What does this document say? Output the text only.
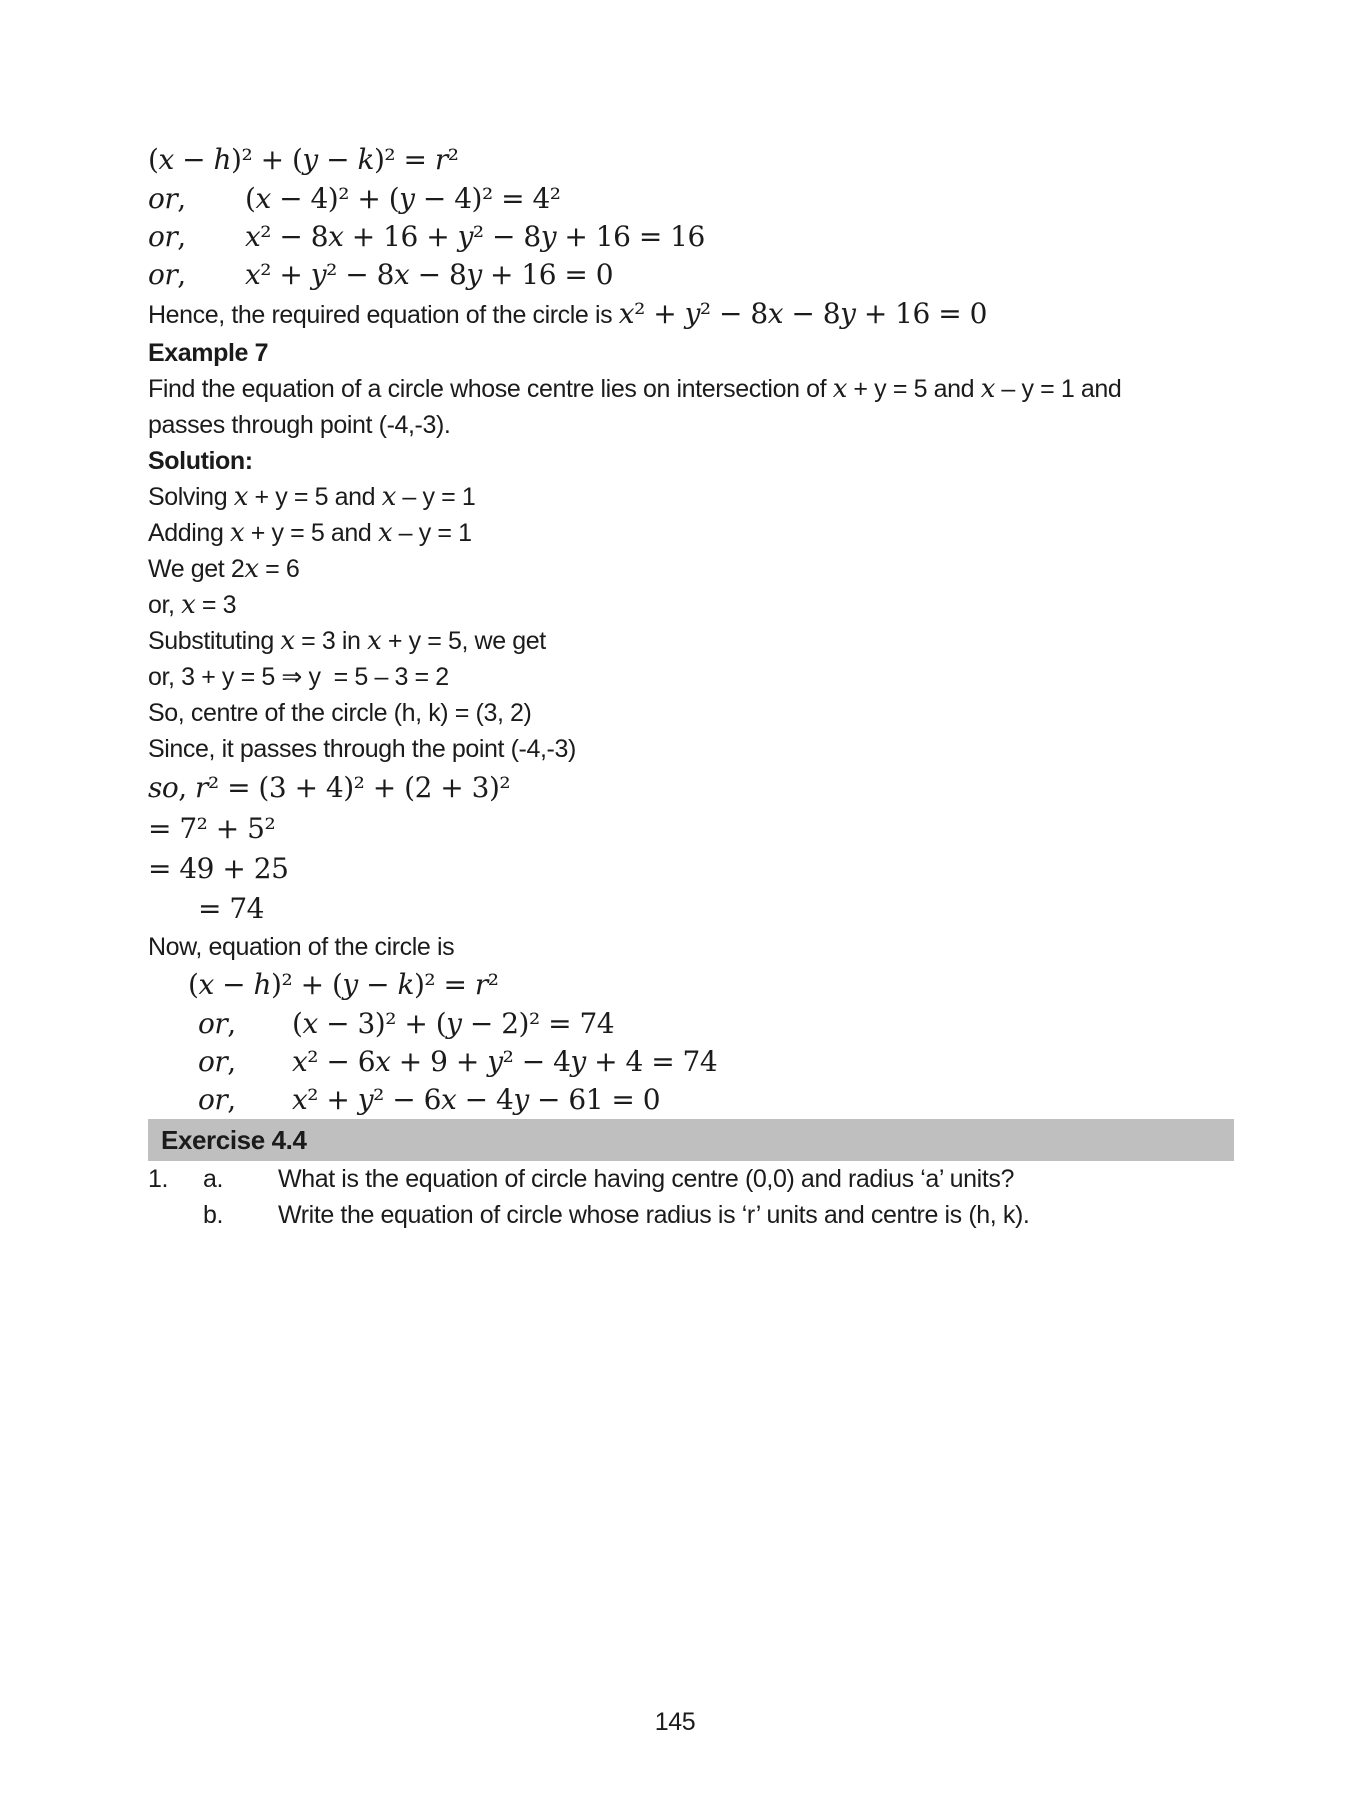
(x − h)² + (y − k)² = r²
or,	(x − 4)² + (y − 4)² = 4²
or,	x² − 8x + 16 + y² − 8y + 16 = 16
or,	x² + y² − 8x − 8y + 16 = 0

Hence, the required equation of the circle is x² + y² − 8x − 8y + 16 = 0

Example 7

Find the equation of a circle whose centre lies on intersection of x + y = 5 and x – y = 1 and passes through point (-4,-3).

Solution:

Solving x + y = 5 and x – y = 1

Adding x + y = 5 and x – y = 1

We get 2x = 6

or, x = 3

Substituting x = 3 in x + y = 5, we get

or, 3 + y = 5 ⇒ y  = 5 – 3 = 2

So, centre of the circle (h, k) = (3, 2)

Since, it passes through the point (-4,-3)

so, r² = (3 + 4)² + (2 + 3)²
= 7² + 5²
= 49 + 25
= 74

Now, equation of the circle is

(x − h)² + (y − k)² = r²
or,	(x − 3)² + (y − 2)² = 74
or,	x² − 6x + 9 + y² − 4y + 4 = 74
or,	x² + y² − 6x − 4y − 61 = 0
Exercise 4.4
1.	a.	What is the equation of circle having centre (0,0) and radius ‘a’ units?
b.	Write the equation of circle whose radius is ‘r’ units and centre is (h, k).
145
